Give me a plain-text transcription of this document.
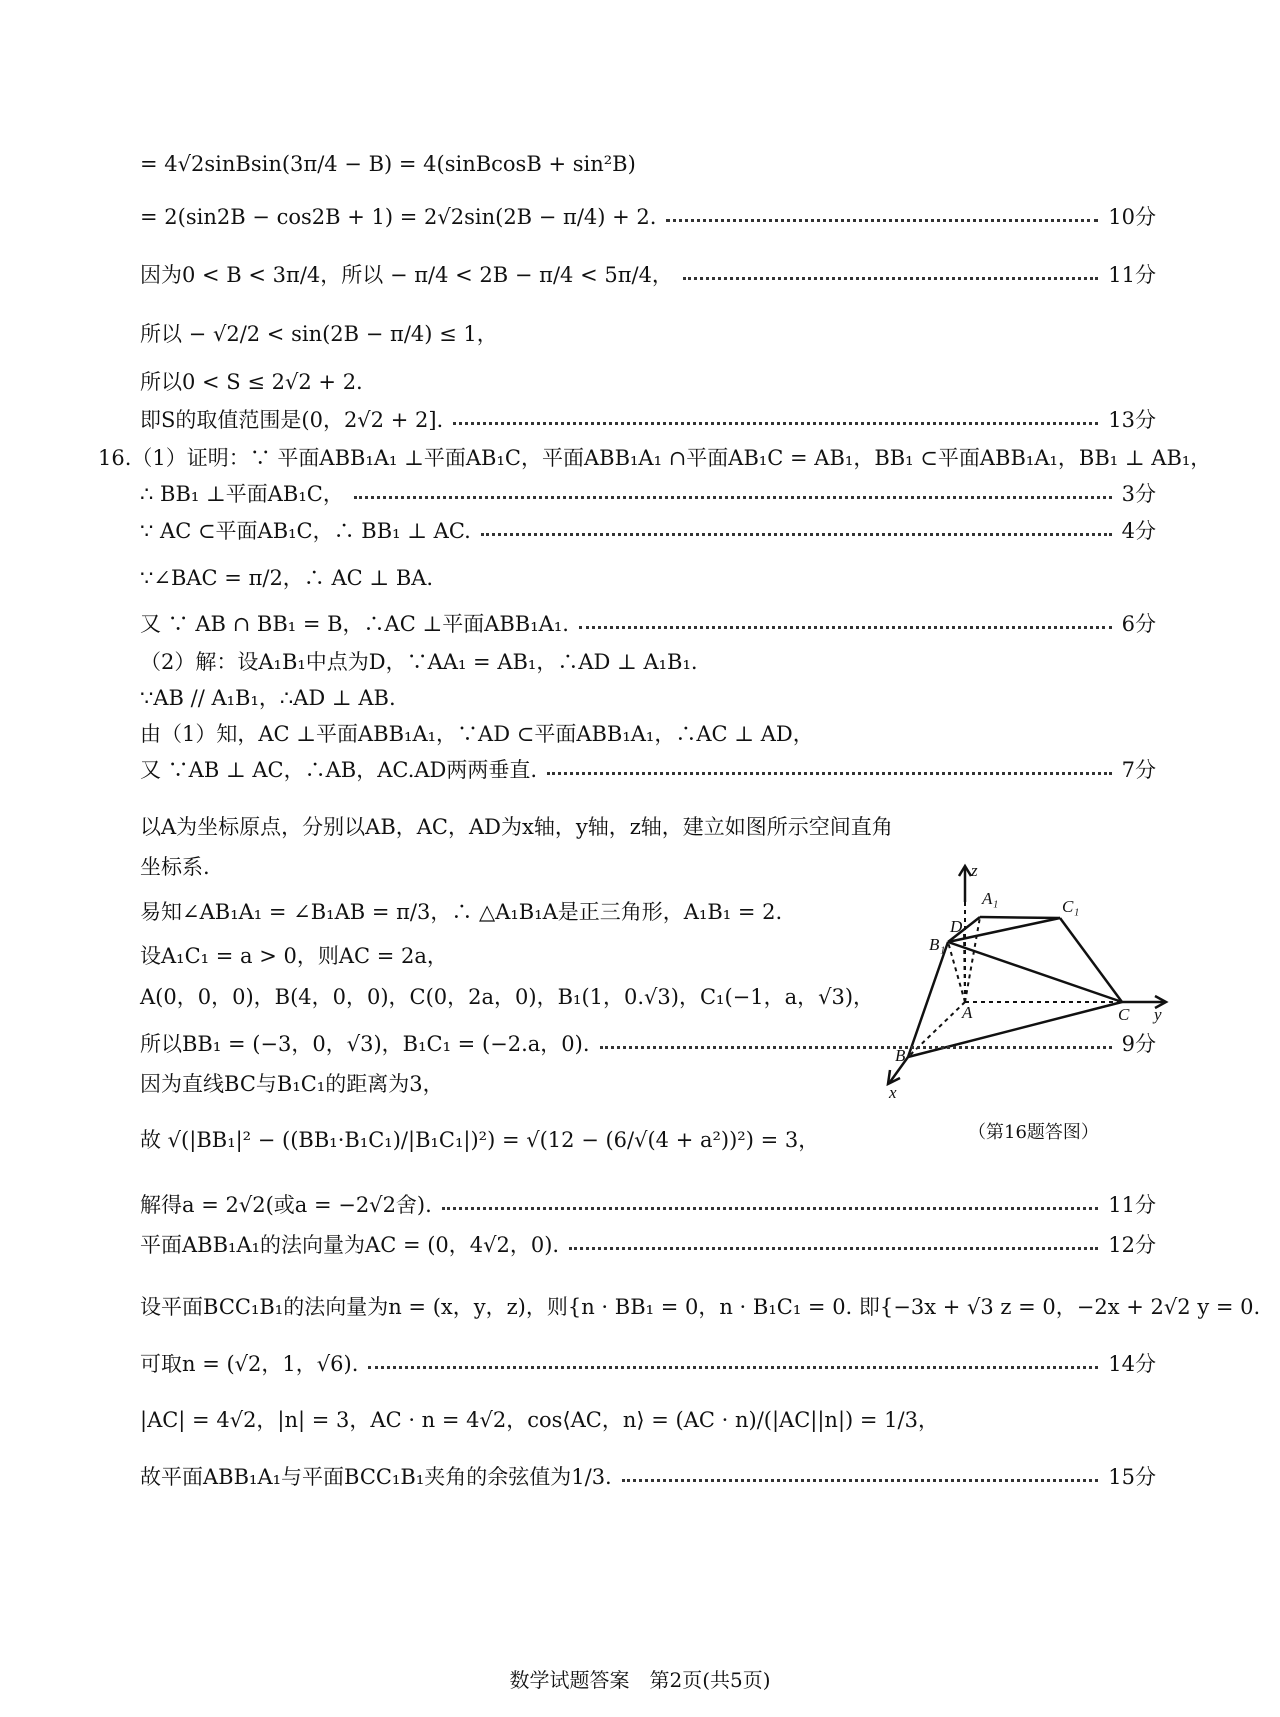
= 4√2sinBsin(3π/4 − B) = 4(sinBcosB + sin²B)
= 2(sin2B − cos2B + 1) = 2√2sin(2B − π/4) + 2.	10分
因为0 < B < 3π/4，所以 − π/4 < 2B − π/4 < 5π/4，	11分
所以 − √2/2 < sin(2B − π/4) ≤ 1，
所以0 < S ≤ 2√2 + 2.
即S的取值范围是(0，2√2 + 2].	13分
16.（1）证明：∵ 平面ABB₁A₁ ⊥平面AB₁C，平面ABB₁A₁ ∩平面AB₁C = AB₁，BB₁ ⊂平面ABB₁A₁，BB₁ ⊥ AB₁，
∴ BB₁ ⊥平面AB₁C，	3分
∵ AC ⊂平面AB₁C，∴ BB₁ ⊥ AC.	4分
∵∠BAC = π/2，∴ AC ⊥ BA.
又 ∵ AB ∩ BB₁ = B，∴AC ⊥平面ABB₁A₁.	6分
（2）解：设A₁B₁中点为D，∵AA₁ = AB₁，∴AD ⊥ A₁B₁.
∵AB // A₁B₁，∴AD ⊥ AB.
由（1）知，AC ⊥平面ABB₁A₁，∵AD ⊂平面ABB₁A₁，∴AC ⊥ AD，
又 ∵AB ⊥ AC，∴AB，AC.AD两两垂直.	7分
以A为坐标原点，分别以AB，AC，AD为x轴，y轴，z轴，建立如图所示空间直角
坐标系.
易知∠AB₁A₁ = ∠B₁AB = π/3，∴ △A₁B₁A是正三角形，A₁B₁ = 2.
设A₁C₁ = a > 0，则AC = 2a，
A(0，0，0)，B(4，0，0)，C(0，2a，0)，B₁(1，0.√3)，C₁(−1，a，√3)，
z
A₁	C₁
D
B₁
A	C y
B
x
（第16题答图）
所以BB₁ = (−3，0，√3)，B₁C₁ = (−2.a，0).	9分
因为直线BC与B₁C₁的距离为3，
故 √(|BB₁|² − ((BB₁·B₁C₁)/|B₁C₁|)²) = √(12 − (6/√(4 + a²))²) = 3，
解得a = 2√2(或a = −2√2舍).	11分
平面ABB₁A₁的法向量为AC = (0，4√2，0).	12分
设平面BCC₁B₁的法向量为n = (x，y，z)，则{n · BB₁ = 0，n · B₁C₁ = 0. 即{−3x + √3 z = 0，−2x + 2√2 y = 0.
可取n = (√2，1，√6).	14分
|AC| = 4√2，|n| = 3，AC · n = 4√2，cos⟨AC，n⟩ = (AC · n)/(|AC||n|) = 1/3，
故平面ABB₁A₁与平面BCC₁B₁夹角的余弦值为1/3.	15分
数学试题答案　第2页(共5页)
